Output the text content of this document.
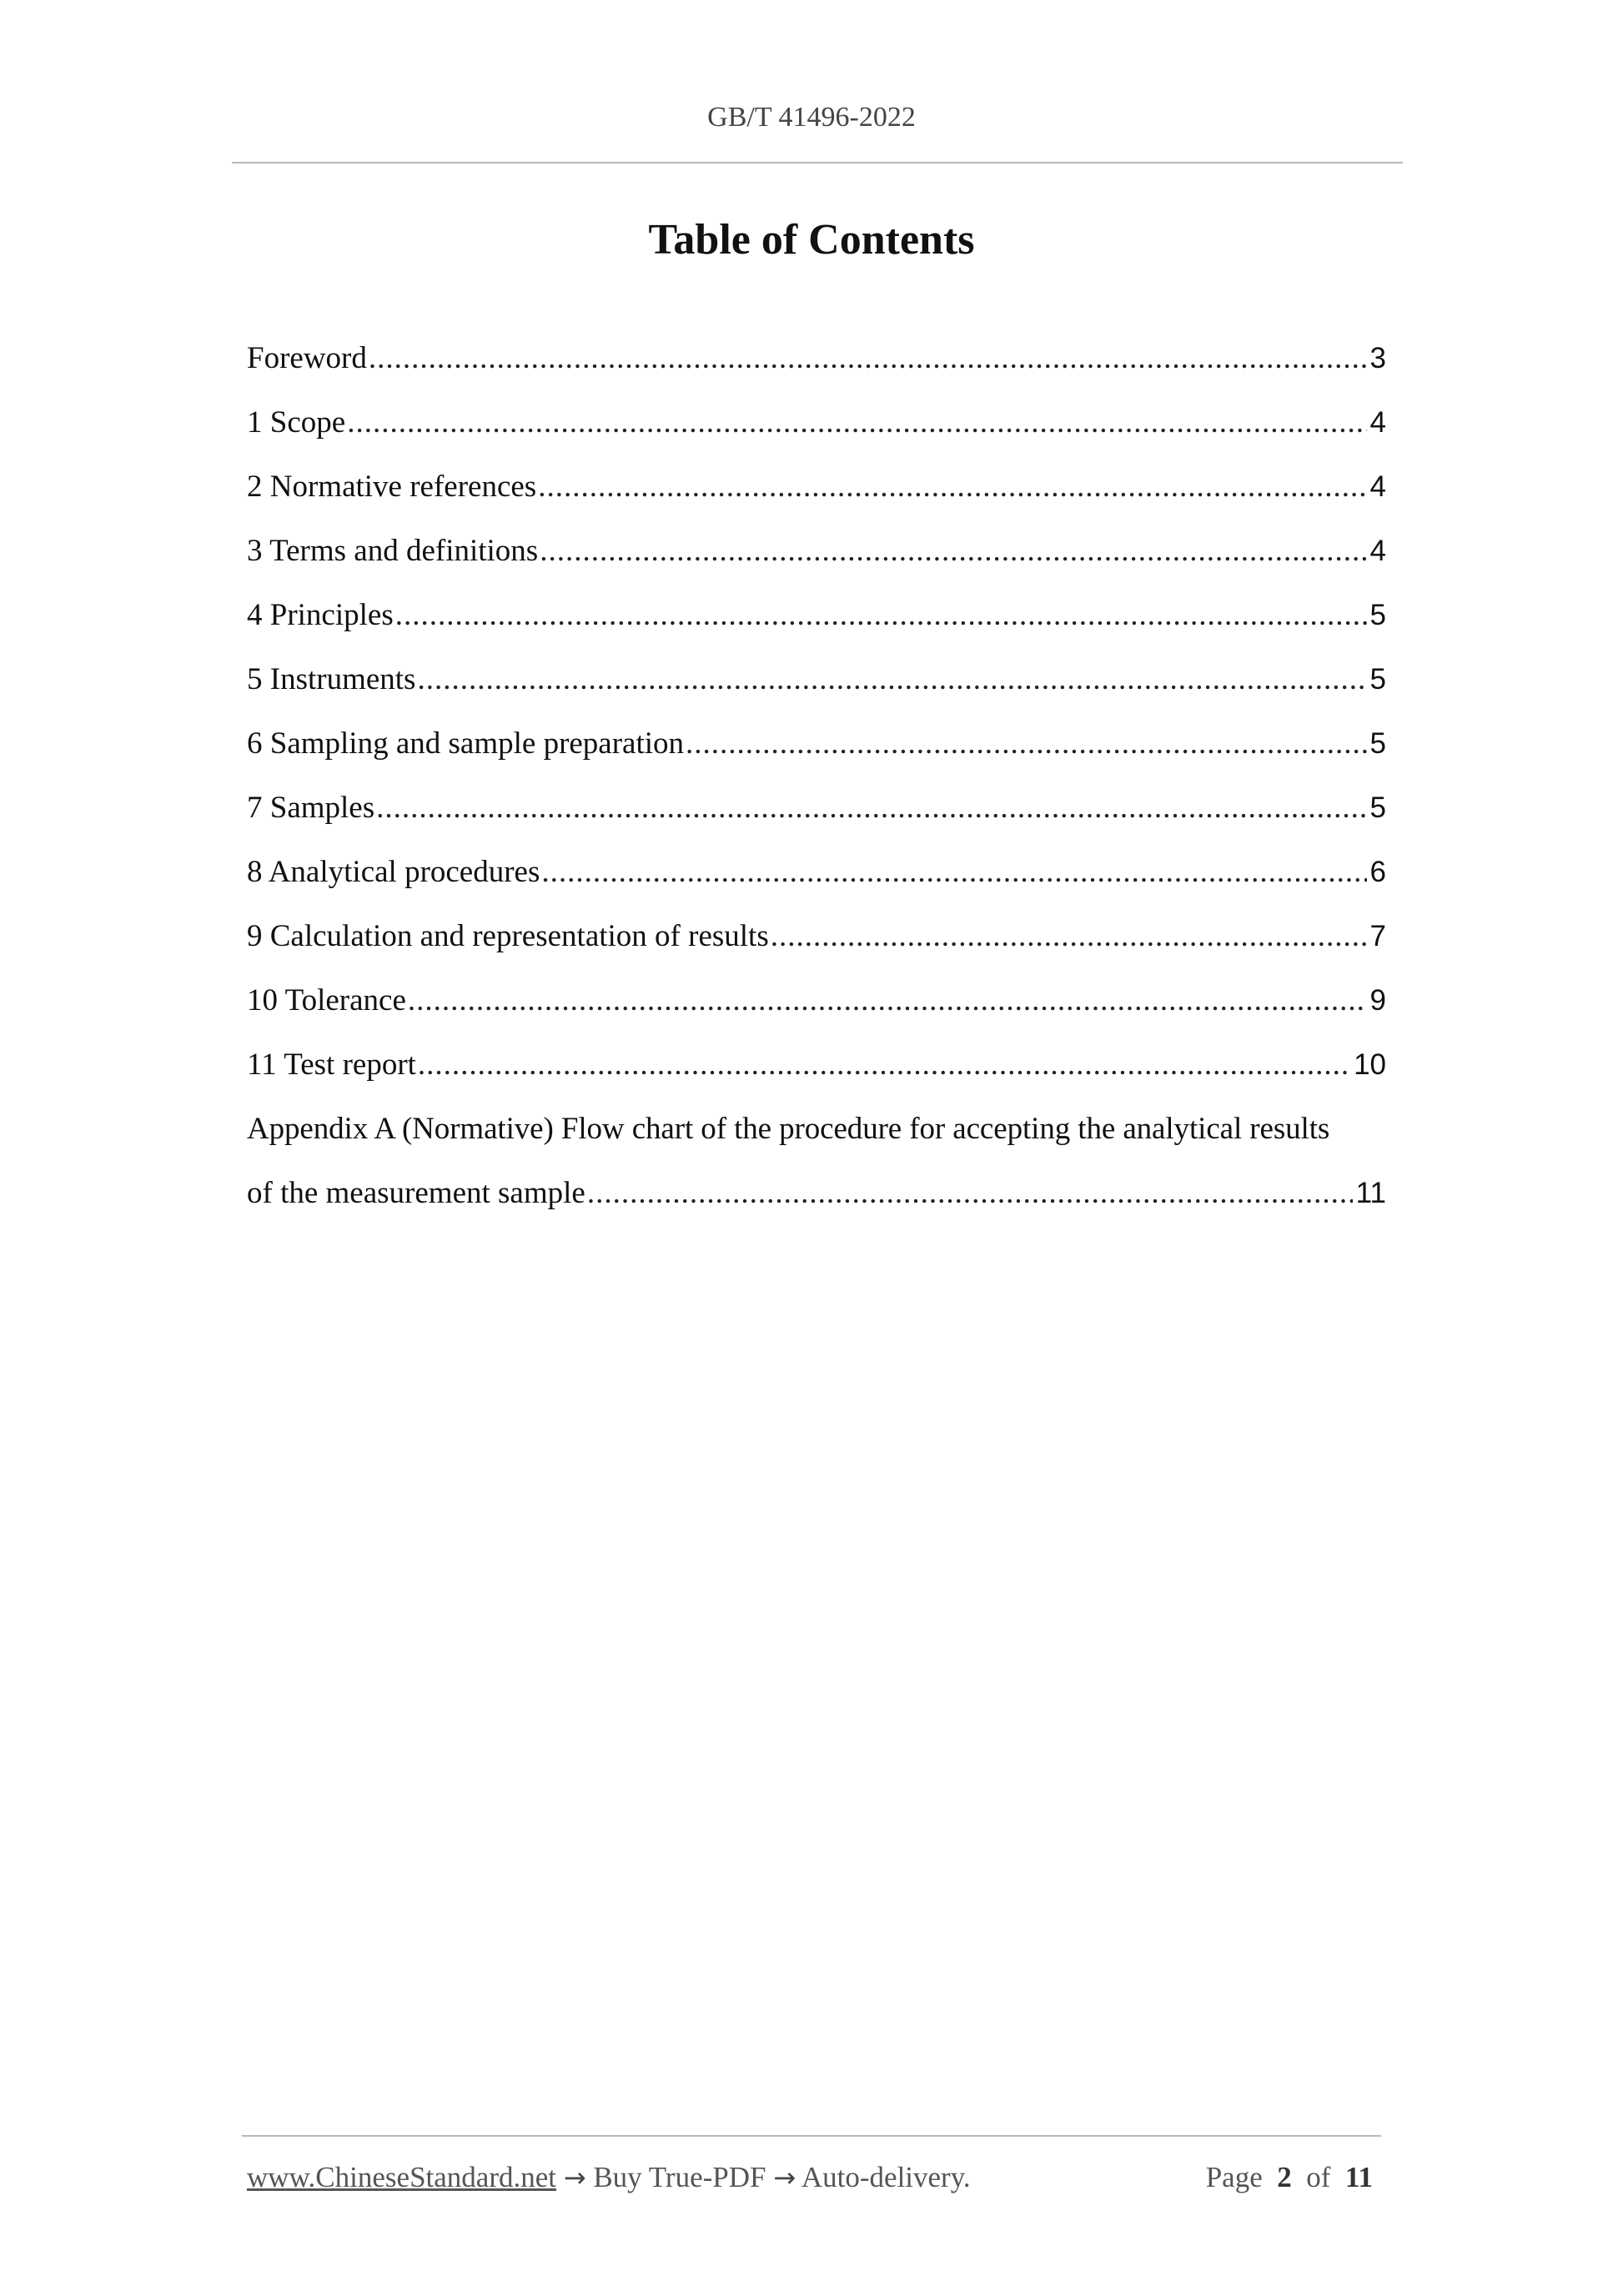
GB/T 41496-2022
Table of Contents
Foreword .....	3
1 Scope .....	4
2 Normative references .....	4
3 Terms and definitions .....	4
4 Principles .....	5
5 Instruments .....	5
6 Sampling and sample preparation .....	5
7 Samples .....	5
8 Analytical procedures .....	6
9 Calculation and representation of results .....	7
10 Tolerance .....	9
11 Test report .....	10
Appendix A (Normative) Flow chart of the procedure for accepting the analytical results
of the measurement sample .....	11
www.ChineseStandard.net → Buy True-PDF → Auto-delivery.	Page 2 of 11
